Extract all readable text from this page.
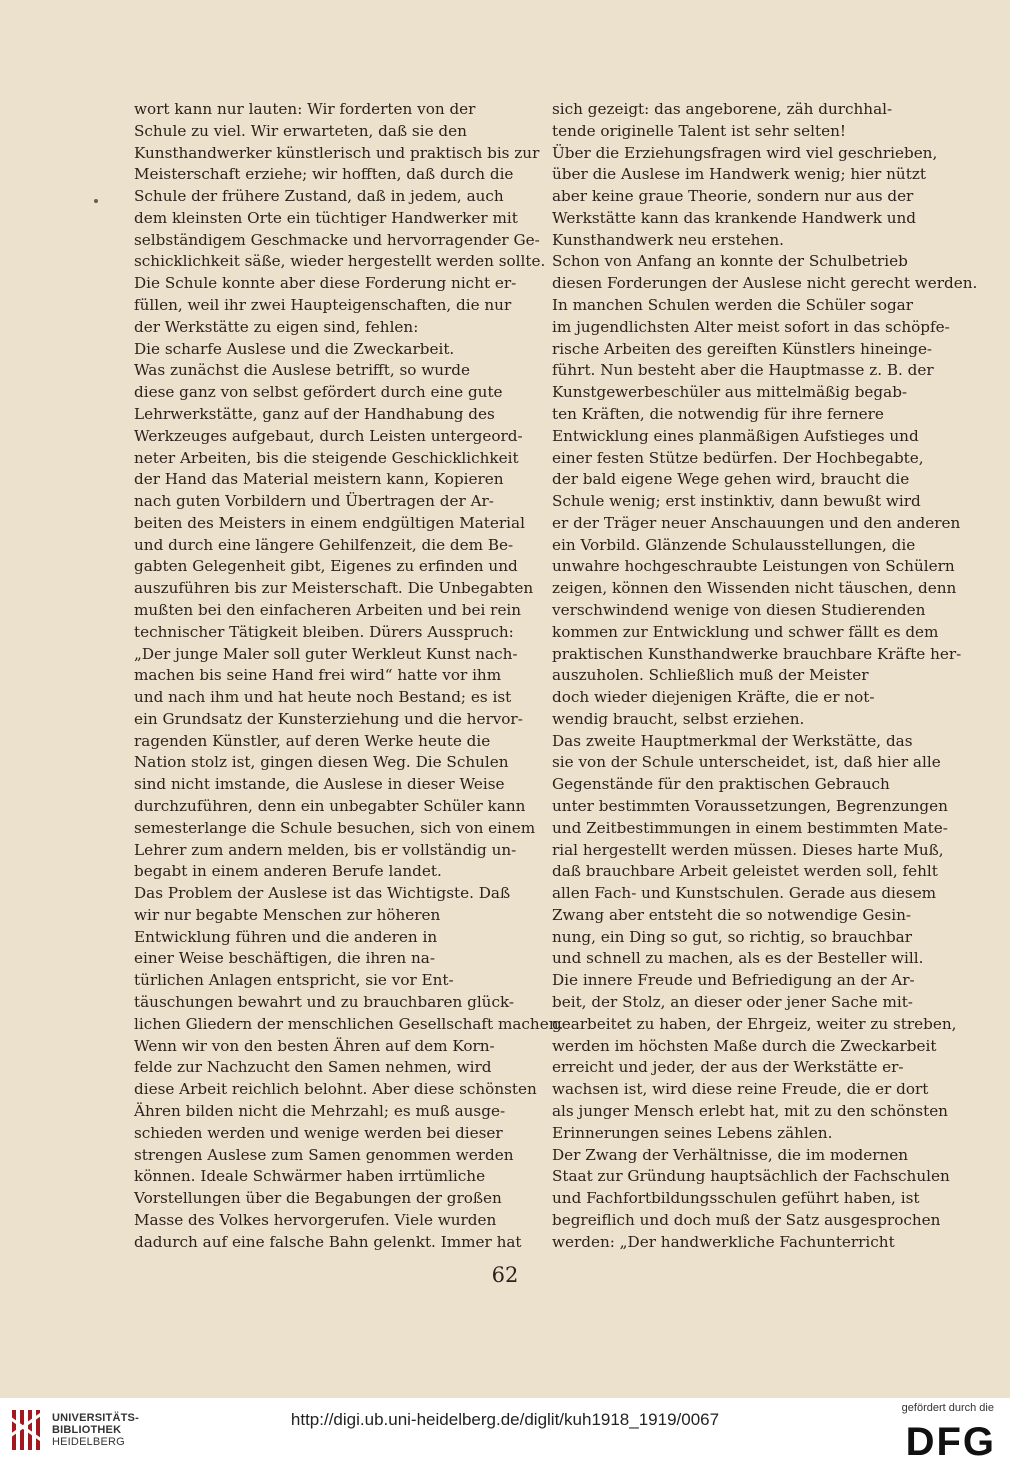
wort kann nur lauten: Wir forderten von der

Schule zu viel. Wir erwarteten, daß sie den

Kunsthandwerker künstlerisch und praktisch bis zur

Meisterschaft erziehe; wir hofften, daß durch die

Schule der frühere Zustand, daß in jedem, auch

dem kleinsten Orte ein tüchtiger Handwerker mit

selbständigem Geschmacke und hervorragender Ge-

schicklichkeit säße, wieder hergestellt werden sollte.

Die Schule konnte aber diese Forderung nicht er-

füllen, weil ihr zwei Haupteigenschaften, die nur

der Werkstätte zu eigen sind, fehlen:

Die scharfe Auslese und die Zweckarbeit.

Was zunächst die Auslese betrifft, so wurde

diese ganz von selbst gefördert durch eine gute

Lehrwerkstätte, ganz auf der Handhabung des

Werkzeuges aufgebaut, durch Leisten untergeord-

neter Arbeiten, bis die steigende Geschicklichkeit

der Hand das Material meistern kann, Kopieren

nach guten Vorbildern und Übertragen der Ar-

beiten des Meisters in einem endgültigen Material

und durch eine längere Gehilfenzeit, die dem Be-

gabten Gelegenheit gibt, Eigenes zu erfinden und

auszuführen bis zur Meisterschaft. Die Unbegabten

mußten bei den einfacheren Arbeiten und bei rein

technischer Tätigkeit bleiben. Dürers Ausspruch:

„Der junge Maler soll guter Werkleut Kunst nach-

machen bis seine Hand frei wird“ hatte vor ihm

und nach ihm und hat heute noch Bestand; es ist

ein Grundsatz der Kunsterziehung und die hervor-

ragenden Künstler, auf deren Werke heute die

Nation stolz ist, gingen diesen Weg. Die Schulen

sind nicht imstande, die Auslese in dieser Weise

durchzuführen, denn ein unbegabter Schüler kann

semesterlange die Schule besuchen, sich von einem

Lehrer zum andern melden, bis er vollständig un-

begabt in einem anderen Berufe landet.

Das Problem der Auslese ist das Wichtigste. Daß

wir nur begabte Menschen zur höheren

Entwicklung führen und die anderen in

einer Weise beschäftigen, die ihren na-

türlichen Anlagen entspricht, sie vor Ent-

täuschungen bewahrt und zu brauchbaren glück-

lichen Gliedern der menschlichen Gesellschaft machen.

Wenn wir von den besten Ähren auf dem Korn-

felde zur Nachzucht den Samen nehmen, wird

diese Arbeit reichlich belohnt. Aber diese schönsten

Ähren bilden nicht die Mehrzahl; es muß ausge-

schieden werden und wenige werden bei dieser

strengen Auslese zum Samen genommen werden

können. Ideale Schwärmer haben irrtümliche

Vorstellungen über die Begabungen der großen

Masse des Volkes hervorgerufen. Viele wurden

dadurch auf eine falsche Bahn gelenkt. Immer hat

sich gezeigt: das angeborene, zäh durchhal-

tende originelle Talent ist sehr selten!

Über die Erziehungsfragen wird viel geschrieben,

über die Auslese im Handwerk wenig; hier nützt

aber keine graue Theorie, sondern nur aus der

Werkstätte kann das krankende Handwerk und

Kunsthandwerk neu erstehen.

Schon von Anfang an konnte der Schulbetrieb

diesen Forderungen der Auslese nicht gerecht werden.

In manchen Schulen werden die Schüler sogar

im jugendlichsten Alter meist sofort in das schöpfe-

rische Arbeiten des gereiften Künstlers hineinge-

führt. Nun besteht aber die Hauptmasse z. B. der

Kunstgewerbeschüler aus mittelmäßig begab-

ten Kräften, die notwendig für ihre fernere

Entwicklung eines planmäßigen Aufstieges und

einer festen Stütze bedürfen. Der Hochbegabte,

der bald eigene Wege gehen wird, braucht die

Schule wenig; erst instinktiv, dann bewußt wird

er der Träger neuer Anschauungen und den anderen

ein Vorbild. Glänzende Schulausstellungen, die

unwahre hochgeschraubte Leistungen von Schülern

zeigen, können den Wissenden nicht täuschen, denn

verschwindend wenige von diesen Studierenden

kommen zur Entwicklung und schwer fällt es dem

praktischen Kunsthandwerke brauchbare Kräfte her-

auszuholen. Schließlich muß der Meister

doch wieder diejenigen Kräfte, die er not-

wendig braucht, selbst erziehen.

Das zweite Hauptmerkmal der Werkstätte, das

sie von der Schule unterscheidet, ist, daß hier alle

Gegenstände für den praktischen Gebrauch

unter bestimmten Voraussetzungen, Begrenzungen

und Zeitbestimmungen in einem bestimmten Mate-

rial hergestellt werden müssen. Dieses harte Muß,

daß brauchbare Arbeit geleistet werden soll, fehlt

allen Fach- und Kunstschulen. Gerade aus diesem

Zwang aber entsteht die so notwendige Gesin-

nung, ein Ding so gut, so richtig, so brauchbar

und schnell zu machen, als es der Besteller will.

Die innere Freude und Befriedigung an der Ar-

beit, der Stolz, an dieser oder jener Sache mit-

gearbeitet zu haben, der Ehrgeiz, weiter zu streben,

werden im höchsten Maße durch die Zweckarbeit

erreicht und jeder, der aus der Werkstätte er-

wachsen ist, wird diese reine Freude, die er dort

als junger Mensch erlebt hat, mit zu den schönsten

Erinnerungen seines Lebens zählen.

Der Zwang der Verhältnisse, die im modernen

Staat zur Gründung hauptsächlich der Fachschulen

und Fachfortbildungsschulen geführt haben, ist

begreiflich und doch muß der Satz ausgesprochen

werden: „Der handwerkliche Fachunterricht

62
UNIVERSITÄTS-
BIBLIOTHEK
HEIDELBERG
http://digi.ub.uni-heidelberg.de/diglit/kuh1918_1919/0067
gefördert durch die
DFG
